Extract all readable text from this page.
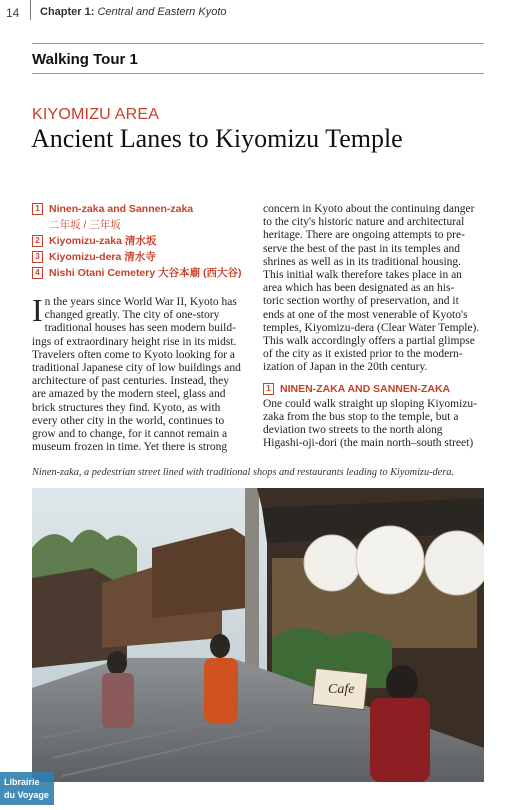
14 Chapter 1: Central and Eastern Kyoto
Walking Tour 1
KIYOMIZU AREA
Ancient Lanes to Kiyomizu Temple
1 Ninen-zaka and Sannen-zaka
二年坂 / 三年坂
2 Kiyomizu-zaka 清水坂
3 Kiyomizu-dera 清水寺
4 Nishi Otani Cemetery 大谷本廟 (西大谷)
I n the years since World War II, Kyoto has
changed greatly. The city of one-story
traditional houses has seen modern build-
ings of extraordinary height rise in its midst.
Travelers often come to Kyoto looking for a
traditional Japanese city of low buildings and
architecture of past centuries. Instead, they
are amazed by the modern steel, glass and
brick structures they find. Kyoto, as with
every other city in the world, continues to
grow and to change, for it cannot remain a
museum frozen in time. Yet there is strong
concern in Kyoto about the continuing danger
to the city's historic nature and architectural
heritage. There are ongoing attempts to pre-
serve the best of the past in its temples and
shrines as well as in its traditional housing.
This initial walk therefore takes place in an
area which has been designated as an his-
toric section worthy of preservation, and it
ends at one of the most venerable of Kyoto's
temples, Kiyomizu-dera (Clear Water Temple).
This walk accordingly offers a partial glimpse
of the city as it existed prior to the modern-
ization of Japan in the 20th century.
1 NINEN-ZAKA AND SANNEN-ZAKA
One could walk straight up sloping Kiyomizu-
zaka from the bus stop to the temple, but a
deviation two streets to the north along
Higashi-oji-dori (the main north–south street)
Ninen-zaka, a pedestrian street lined with traditional shops and restaurants leading to Kiyomizu-dera.
Cafe
Librairie
du Voyage
